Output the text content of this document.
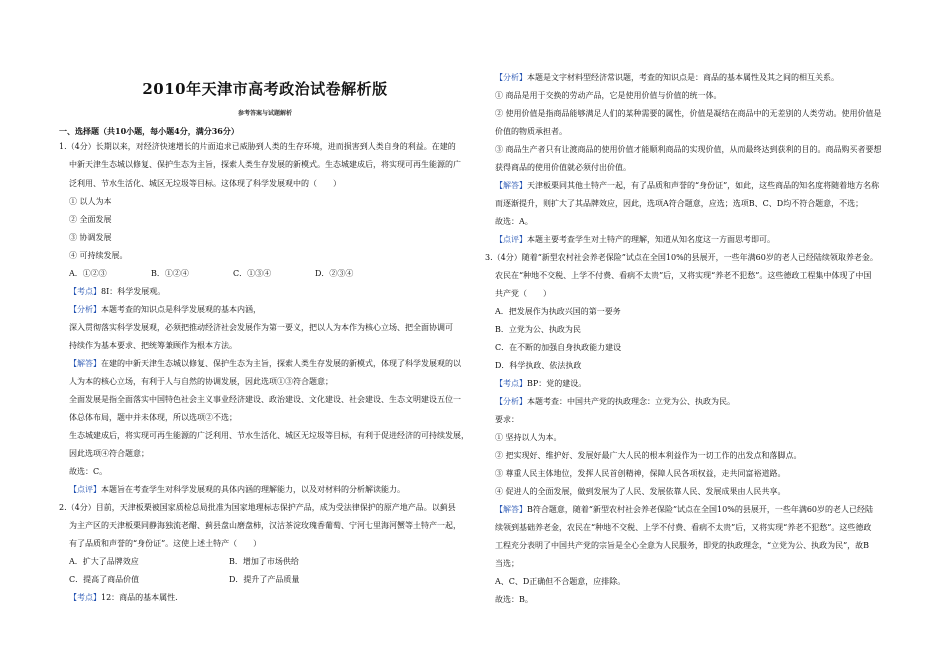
2010年天津市高考政治试卷解析版
参考答案与试题解析
一、选择题（共10小题，每小题4分，满分36分）
1.（4分）长期以来，对经济快速增长的片面追求已威胁到人类的生存环境，进而损害到人类自身的利益。在建的
中新天津生态城以修复、保护生态为主旨，探索人类生存发展的新模式。生态城建成后，将实现可再生能源的广
泛利用、节水生活化、城区无垃圾等目标。这体现了科学发展观中的（　　）
① 以人为本
② 全面发展
③ 协调发展
④ 可持续发展。
A．①②③	B．①②④	C．①③④	D．②③④
【考点】8I：科学发展观。
【分析】本题考查的知识点是科学发展观的基本内涵，
深入贯彻落实科学发展观，必须把推动经济社会发展作为第一要义，把以人为本作为核心立场、把全面协调可
持续作为基本要求、把统筹兼顾作为根本方法。
【解答】在建的中新天津生态城以修复、保护生态为主旨，探索人类生存发展的新模式，体现了科学发展观的以
人为本的核心立场，有利于人与自然的协调发展，因此选项①③符合题意；
全面发展是指全面落实中国特色社会主义事业经济建设、政治建设、文化建设、社会建设、生态文明建设五位一
体总体布局，题中并未体现，所以选项②不选；
生态城建成后，将实现可再生能源的广泛利用、节水生活化、城区无垃圾等目标，有利于促进经济的可持续发展，
因此选项④符合题意；
故选：C。
【点评】本题旨在考查学生对科学发展观的具体内涵的理解能力，以及对材料的分析解读能力。
2.（4分）目前，天津板栗被国家质检总局批准为国家地理标志保护产品，成为受法律保护的原产地产品。以蓟县
为主产区的天津板栗同静海独流老醋、蓟县盘山磨盘柿，汉沽茶淀玫瑰香葡萄、宁河七里海河蟹等土特产一起，
有了品质和声誉的“身份证”。这使上述土特产（　　）
A．扩大了品牌效应	B．增加了市场供给
C．提高了商品价值	D．提升了产品质量
【考点】12：商品的基本属性.
【分析】本题是文字材料型经济常识题，考查的知识点是：商品的基本属性及其之间的相互关系。
① 商品是用于交换的劳动产品，它是使用价值与价值的统一体。
② 使用价值是指商品能够满足人们的某种需要的属性，价值是凝结在商品中的无差别的人类劳动。使用价值是
价值的物质承担者。
③ 商品生产者只有让渡商品的使用价值才能顺利商品的实现价值，从而最终达到获利的目的。商品购买者要想
获得商品的使用价值就必须付出价值。
【解答】天津板栗同其他土特产一起，有了品质和声誉的“身份证”，如此，这些商品的知名度将随着地方名称
而逐渐提升，则扩大了其品牌效应，因此，选项A符合题意，应选；选项B、C、D均不符合题意，不选；
故选：A。
【点评】本题主要考查学生对土特产的理解，知道从知名度这一方面思考即可。
3.（4分）随着“新型农村社会养老保险”试点在全国10%的县展开，一些年满60岁的老人已经陆续领取养老金。
农民在“种地不交税、上学不付费、看病不太贵”后，又将实现“养老不犯愁”。这些德政工程集中体现了中国
共产党（　　）
A．把发展作为执政兴国的第一要务
B．立党为公、执政为民
C．在不断的加强自身执政能力建设
D．科学执政、依法执政
【考点】BP：党的建设。
【分析】本题考查：中国共产党的执政理念：立党为公、执政为民。
要求：
① 坚持以人为本。
② 把实现好、维护好、发展好最广大人民的根本利益作为一切工作的出发点和落脚点。
③ 尊重人民主体地位，发挥人民首创精神，保障人民各项权益，走共同富裕道路。
④ 促进人的全面发展，做到发展为了人民、发展依靠人民、发展成果由人民共享。
【解答】B符合题意，随着“新型农村社会养老保险”试点在全国10%的县展开，一些年满60岁的老人已经陆
续领到基础养老金，农民在“种地不交税、上学不付费、看病不太贵”后，又将实现“养老不犯愁”。这些德政
工程充分表明了中国共产党的宗旨是全心全意为人民服务，即党的执政理念，“立党为公、执政为民”，故B
当选；
A、C、D正确但不合题意，应排除。
故选：B。
